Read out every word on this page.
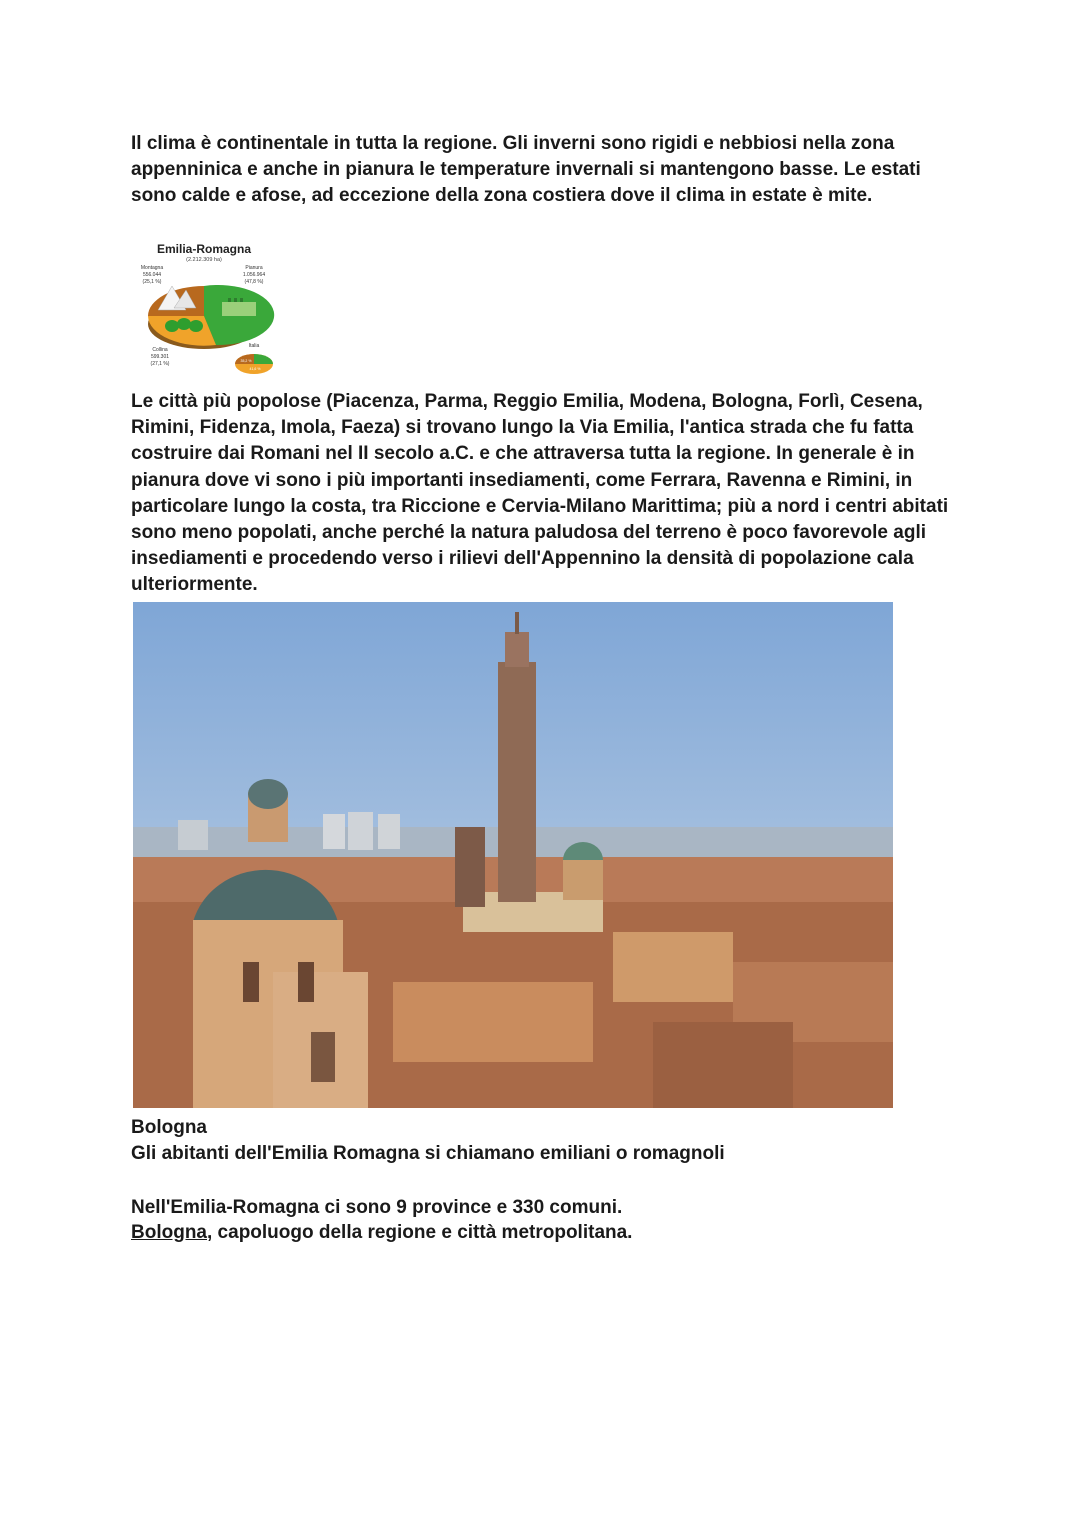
Il clima è continentale in tutta la regione. Gli inverni sono rigidi e nebbiosi nella zona appenninica e anche in pianura le temperature invernali si mantengono basse. Le estati sono calde e afose, ad eccezione della zona costiera dove il clima in estate è mite.

Emilia-Romagna
(2.212.309 ha)
Montagna
556.044
(25,1 %)
Pianura
1.056.964
(47,8 %)
Collina
599.301
(27,1 %)
Italia
35,2 %
41,6 %

Le città più popolose (Piacenza, Parma, Reggio Emilia, Modena, Bologna, Forlì, Cesena, Rimini, Fidenza, Imola, Faeza) si trovano lungo la Via Emilia, l'antica strada che fu fatta costruire dai Romani nel II secolo a.C. e che attraversa tutta la regione. In generale è in pianura dove vi sono i più importanti insediamenti, come Ferrara, Ravenna e Rimini, in particolare lungo la costa, tra Riccione e Cervia-Milano Marittima; più a nord i centri abitati sono meno popolati, anche perché la natura paludosa del terreno è poco favorevole agli insediamenti e procedendo verso i rilievi dell'Appennino la densità di popolazione cala ulteriormente.

Bologna

Gli abitanti dell'Emilia Romagna si chiamano emiliani o romagnoli

Nell'Emilia-Romagna ci sono 9 province e 330 comuni.

Bologna, capoluogo della regione e città metropolitana.
